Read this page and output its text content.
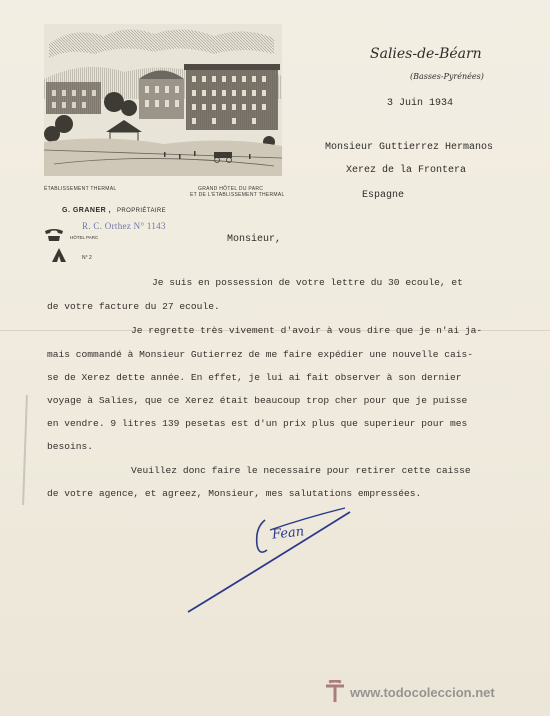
ÉTABLISSEMENT THERMAL	GRAND HÔTEL DU PARC
ET DE L'ÉTABLISSEMENT THERMAL
G. GRANER , PROPRIÉTAIRE
R. C. Orthez N° 1143
HÔTEL PARC
N° 2
Salies-de-Béarn
(Basses-Pyrénées)
3 Juin 1934
Monsieur Guttierrez Hermanos
Xerez de la Frontera
Espagne
Monsieur,
Je suis en possession de votre lettre du 30 ecoule, et
de votre facture du 27 ecoule.
Je regrette très vivement d'avoir à vous dire que je n'ai ja-
mais commandé à Monsieur Gutierrez de me faire expédier une nouvelle cais-
se de Xerez dette année. En effet, je lui ai fait observer à son dernier
voyage à Salies, que ce Xerez était beaucoup trop cher pour que je puisse
en vendre. 9 litres 139 pesetas est d'un prix plus que superieur pour mes
besoins.
Veuillez donc faire le necessaire pour retirer cette caisse
de votre agence, et agreez, Monsieur, mes salutations empressées.
Fean
www.todocoleccion.net
